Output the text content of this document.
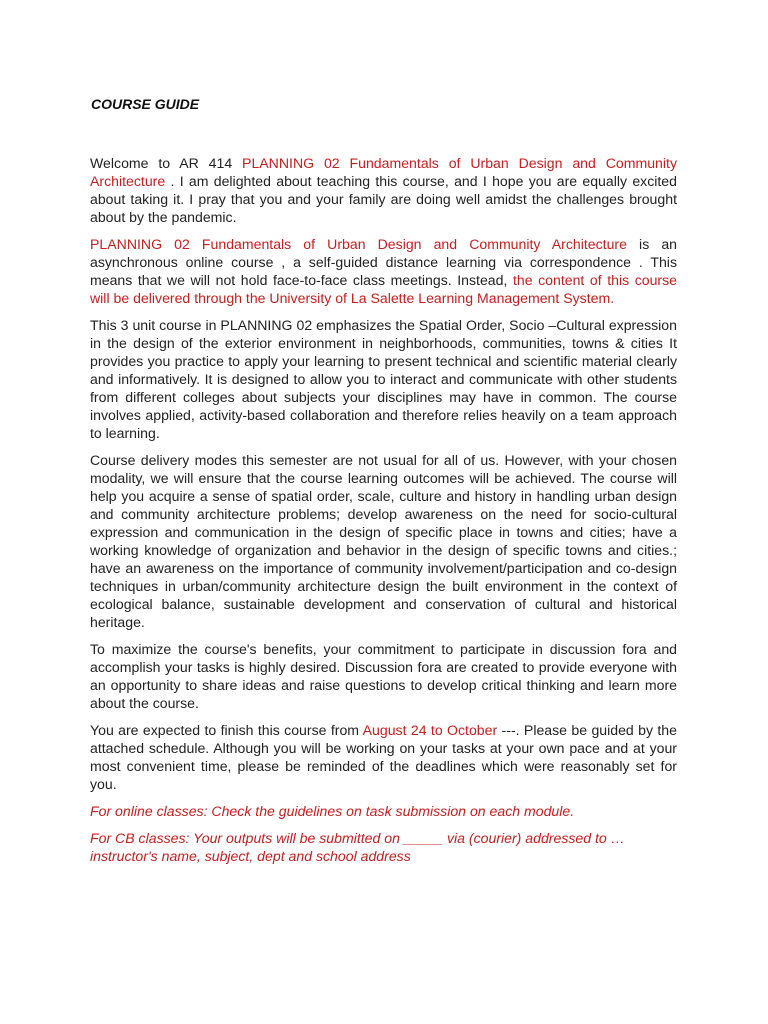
COURSE GUIDE

Welcome to AR 414 PLANNING 02 Fundamentals of Urban Design and Community Architecture . I am delighted about teaching this course, and I hope you are equally excited about taking it. I pray that you and your family are doing well amidst the challenges brought about by the pandemic.

PLANNING 02 Fundamentals of Urban Design and Community Architecture is an asynchronous online course , a self-guided distance learning via correspondence . This means that we will not hold face-to-face class meetings. Instead, the content of this course will be delivered through the University of La Salette Learning Management System.

This 3 unit course in PLANNING 02 emphasizes the Spatial Order, Socio –Cultural expression in the design of the exterior environment in neighborhoods, communities, towns & cities It provides you practice to apply your learning to present technical and scientific material clearly and informatively. It is designed to allow you to interact and communicate with other students from different colleges about subjects your disciplines may have in common. The course involves applied, activity-based collaboration and therefore relies heavily on a team approach to learning.

Course delivery modes this semester are not usual for all of us. However, with your chosen modality, we will ensure that the course learning outcomes will be achieved. The course will help you acquire a sense of spatial order, scale, culture and history in handling urban design and community architecture problems; develop awareness on the need for socio-cultural expression and communication in the design of specific place in towns and cities; have a working knowledge of organization and behavior in the design of specific towns and cities.; have an awareness on the importance of community involvement/participation and co-design techniques in urban/community architecture design the built environment in the context of ecological balance, sustainable development and conservation of cultural and historical heritage.

To maximize the course's benefits, your commitment to participate in discussion fora and accomplish your tasks is highly desired. Discussion fora are created to provide everyone with an opportunity to share ideas and raise questions to develop critical thinking and learn more about the course.

You are expected to finish this course from August 24 to October ---. Please be guided by the attached schedule. Although you will be working on your tasks at your own pace and at your most convenient time, please be reminded of the deadlines which were reasonably set for you.

For online classes: Check the guidelines on task submission on each module.

For CB classes: Your outputs will be submitted on _____ via (courier) addressed to … instructor's name, subject, dept and school address
